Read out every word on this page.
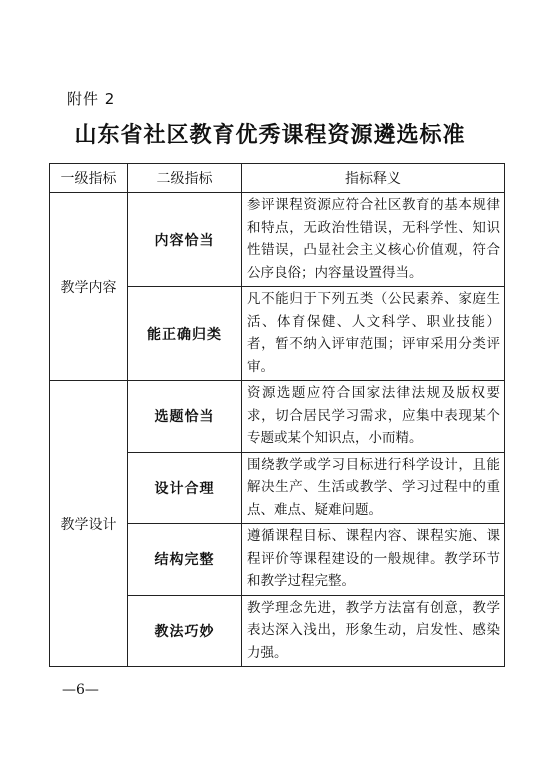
附件 2
山东省社区教育优秀课程资源遴选标准
一级指标	二级指标	指标释义
教学内容	内容恰当	参评课程资源应符合社区教育的基本规律和特点，无政治性错误，无科学性、知识性错误，凸显社会主义核心价值观，符合公序良俗；内容量设置得当。
	能正确归类	凡不能归于下列五类（公民素养、家庭生活、体育保健、人文科学、职业技能）者，暂不纳入评审范围；评审采用分类评审。
教学设计	选题恰当	资源选题应符合国家法律法规及版权要求，切合居民学习需求，应集中表现某个专题或某个知识点，小而精。
	设计合理	围绕教学或学习目标进行科学设计，且能解决生产、生活或教学、学习过程中的重点、难点、疑难问题。
	结构完整	遵循课程目标、课程内容、课程实施、课程评价等课程建设的一般规律。教学环节和教学过程完整。
	教法巧妙	教学理念先进，教学方法富有创意，教学表达深入浅出，形象生动，启发性、感染力强。
—6—
